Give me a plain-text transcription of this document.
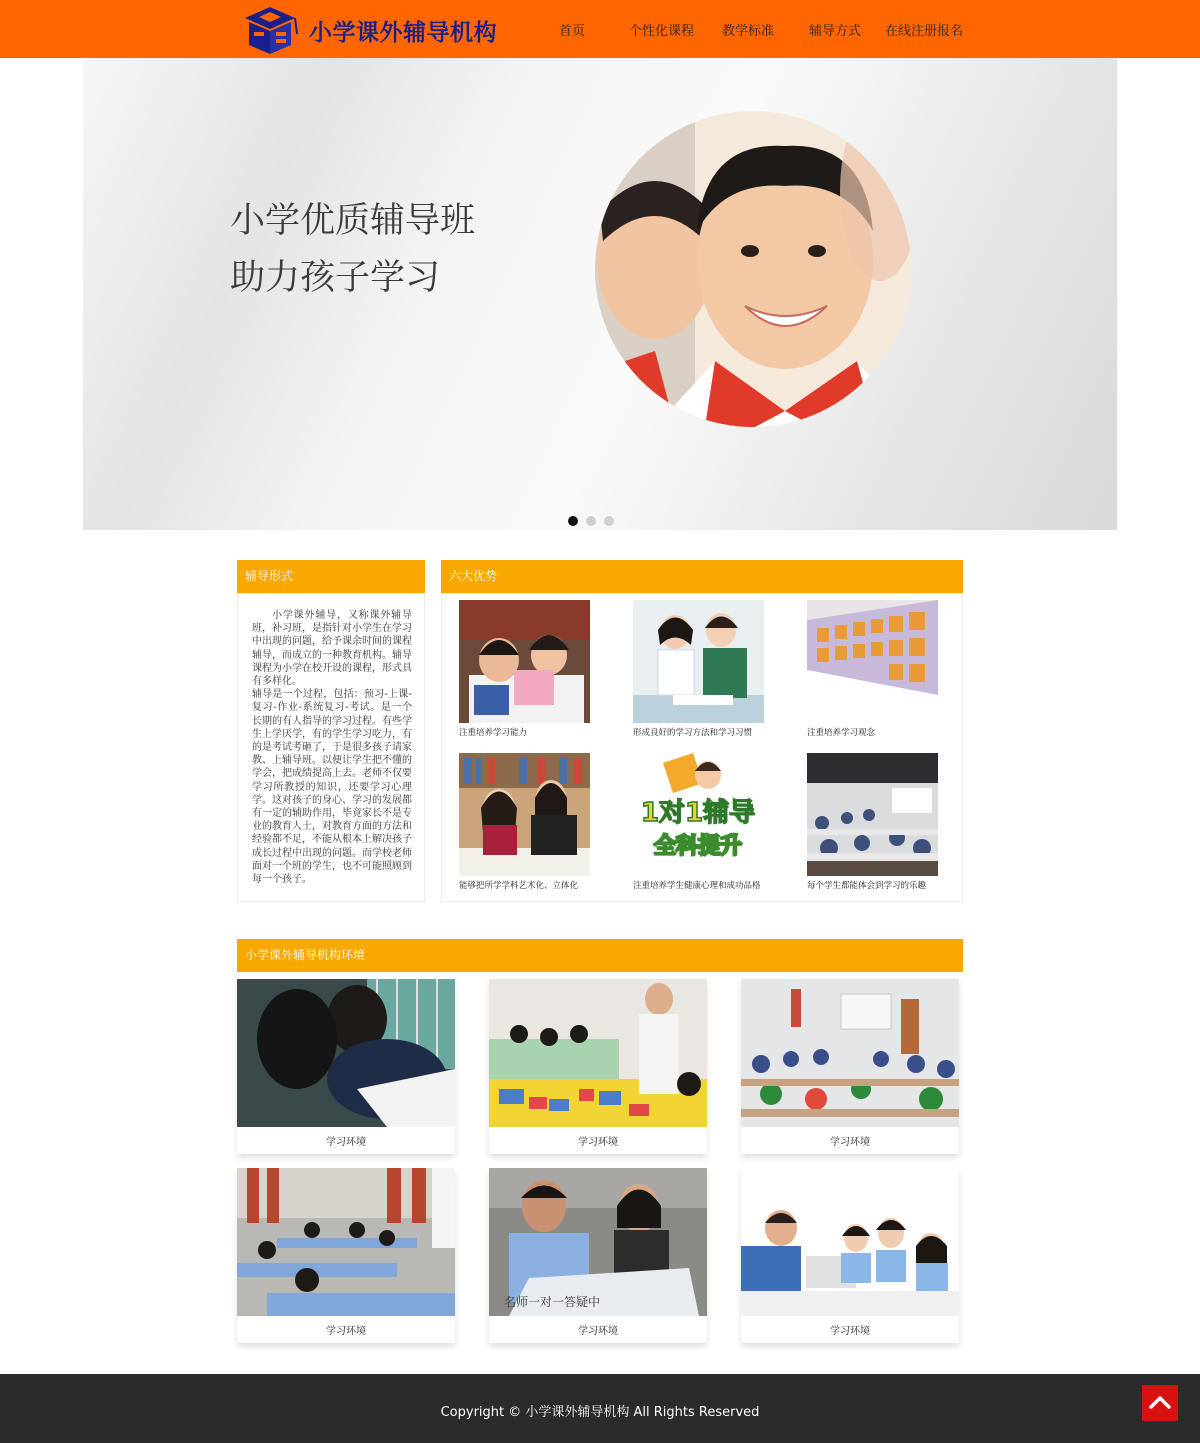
小学课外辅导机构	首页	个性化课程 教学标准	辅导方式 在线注册报名
小学优质辅导班
助力孩子学习
辅导形式

小学课外辅导，又称课外辅导班，补习班，是指针对小学生在学习中出现的问题，给予课余时间的课程辅导，而成立的一种教育机构。辅导课程为小学在校开设的课程，形式具有多样化。

辅导是一个过程，包括：预习-上课-复习-作业-系统复习-考试。是一个长期的有人指导的学习过程。有些学生上学厌学，有的学生学习吃力，有的是考试考砸了，于是很多孩子请家教、上辅导班。以便让学生把不懂的学会，把成绩提高上去。老师不仅要学习所教授的知识，还要学习心理学。这对孩子的身心、学习的发展都有一定的辅助作用，毕竟家长不是专业的教育人士，对教育方面的方法和经验都不足，不能从根本上解决孩子成长过程中出现的问题。而学校老师面对一个班的学生，也不可能照顾到每一个孩子。

六大优势
注重培养学习能力	形成良好的学习方法和学习习惯	注重培养学习观念
能够把所学学科艺术化、立体化
1对1辅导
全科提升
注重培养学生健康心理和成功品格	每个学生都能体会到学习的乐趣
小学课外辅导机构环境
学习环境	学习环境	学习环境
学习环境
名师一对一答疑中
学习环境	学习环境
Copyright © 小学课外辅导机构 All Rights Reserved
